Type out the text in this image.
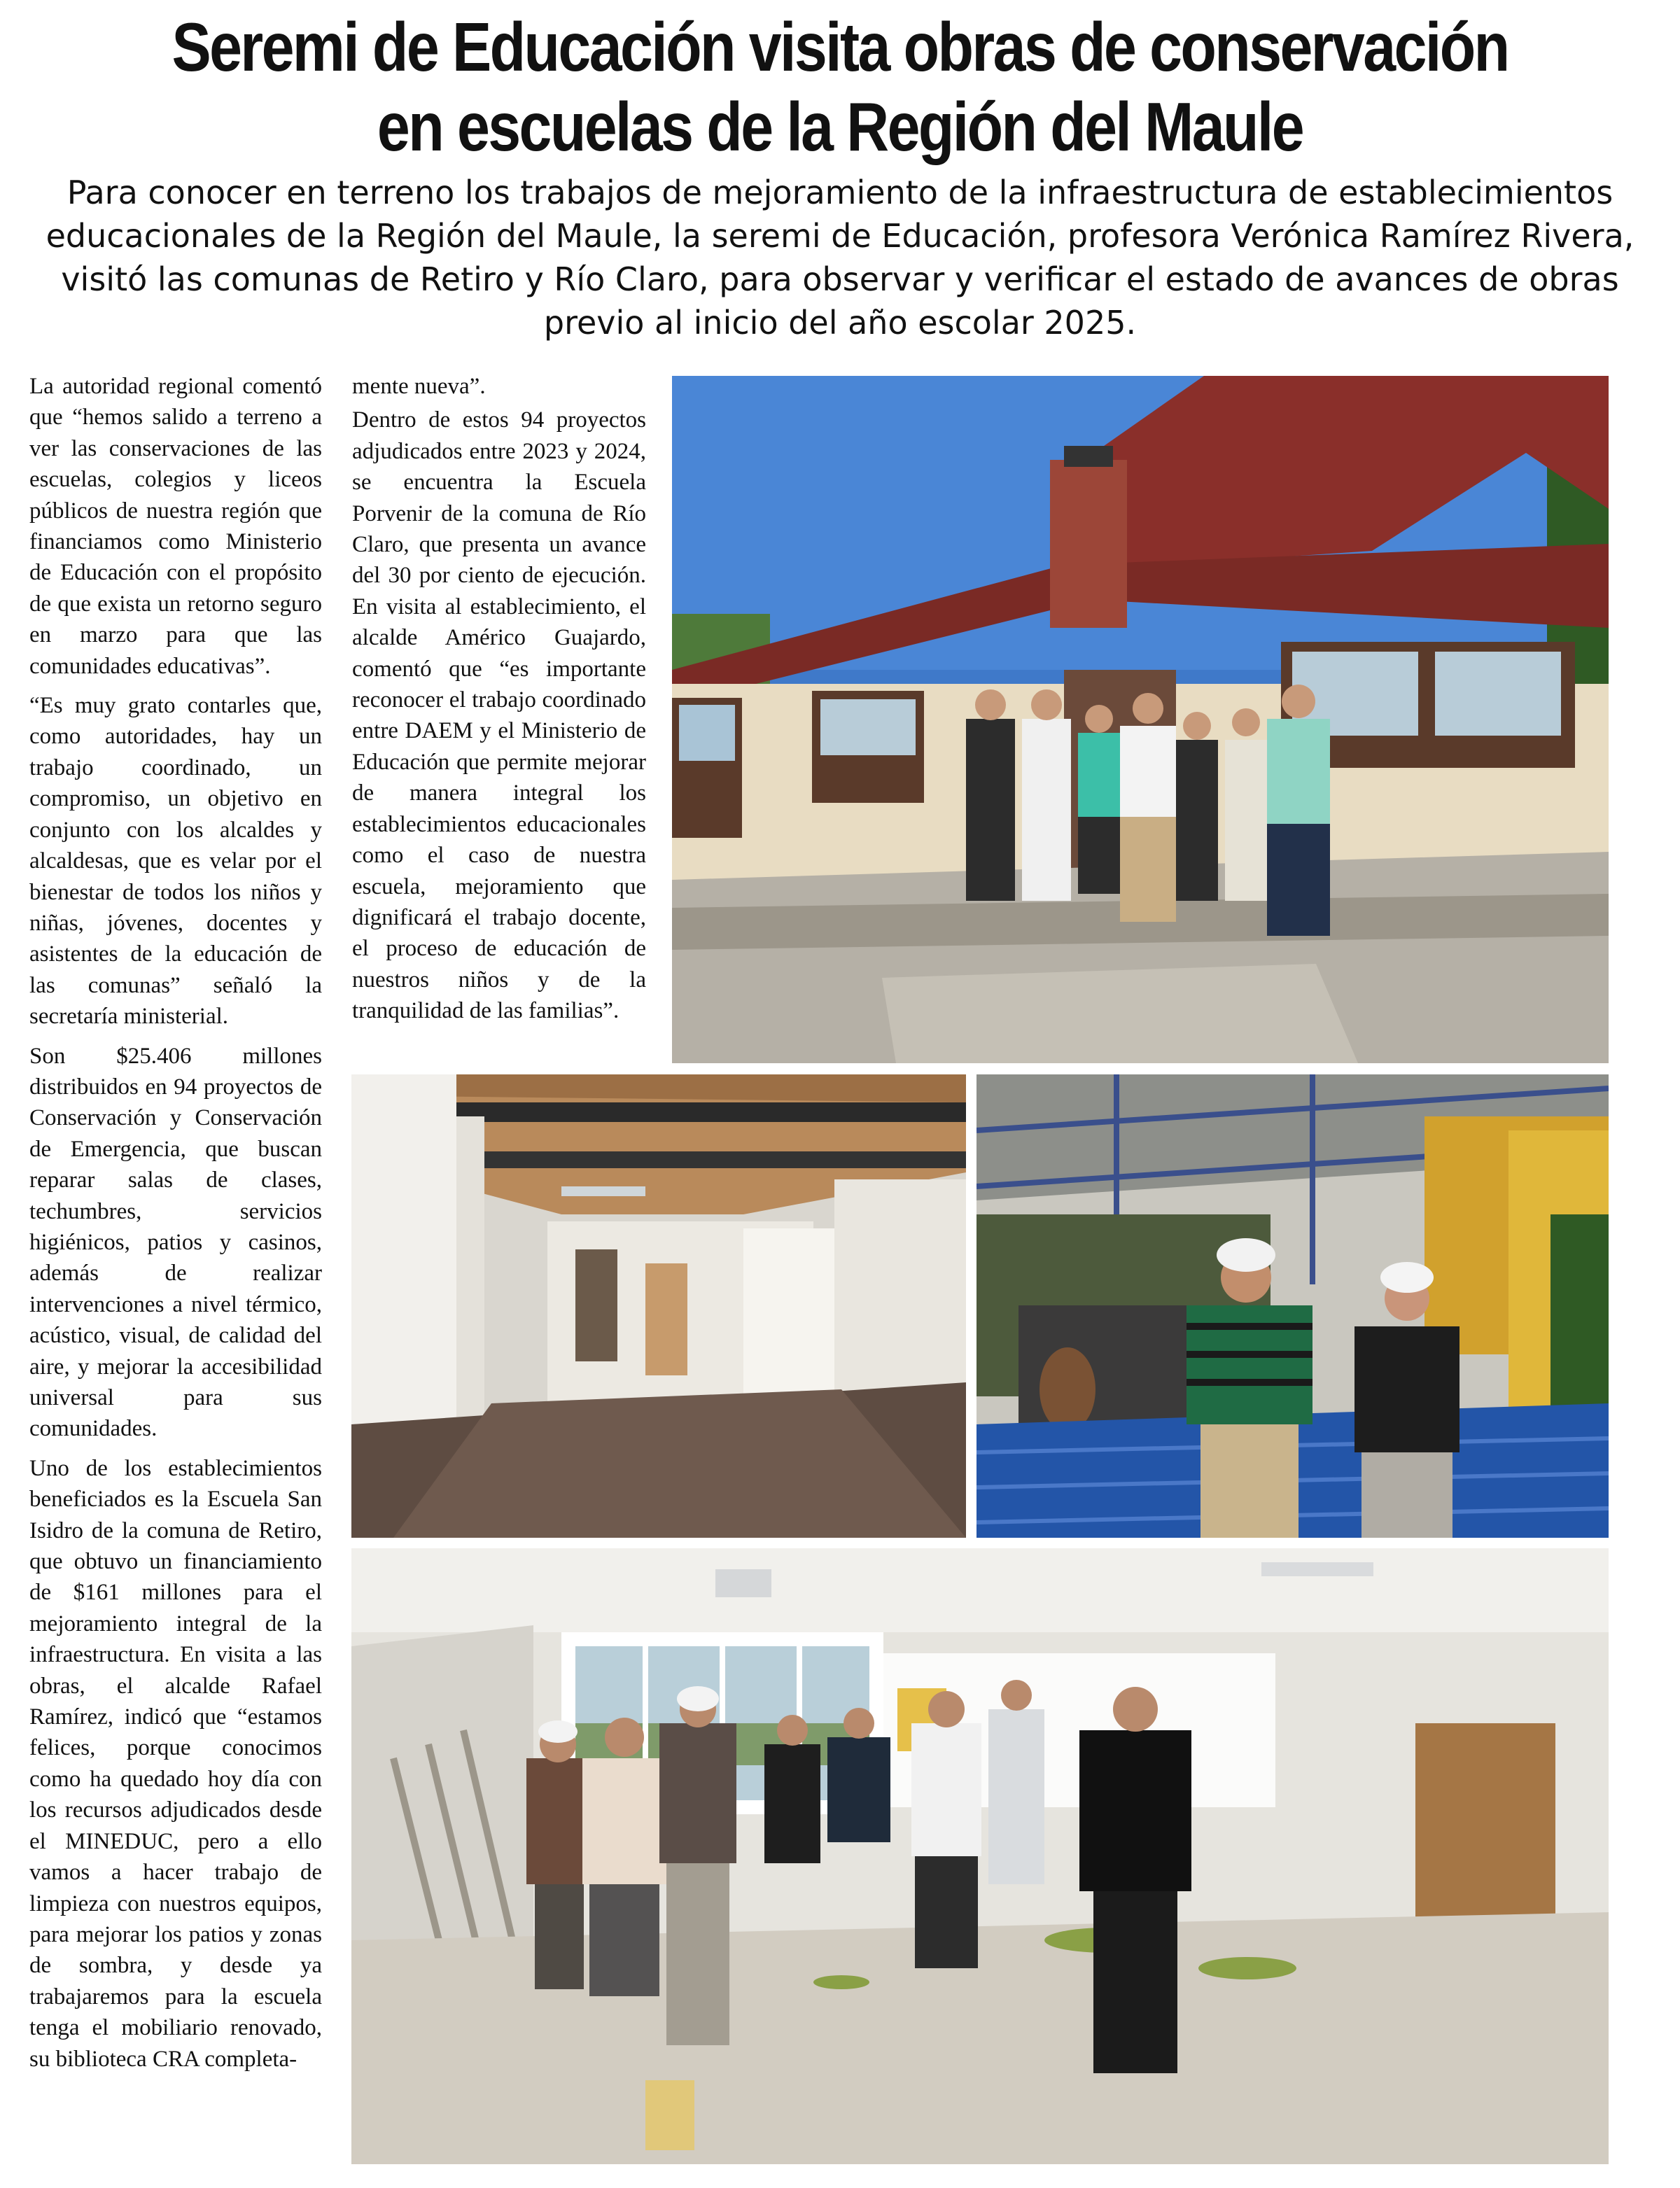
Seremi de Educación visita obras de conservación
en escuelas de la Región del Maule
Para conocer en terreno los trabajos de mejoramiento de la infraestructura de establecimientos
educacionales de la Región del Maule, la seremi de Educación, profesora Verónica Ramírez Rivera,
visitó las comunas de Retiro y Río Claro, para observar y verificar el estado de avances de obras
previo al inicio del año escolar 2025.

La autoridad regional comentó que “hemos salido a terreno a ver las conservaciones de las escuelas, colegios y liceos públicos de nuestra región que financiamos como Ministerio de Educación con el propósito de que exista un retorno seguro en marzo para que las comunidades educativas”.

“Es muy grato contarles que, como autoridades, hay un trabajo coordinado, un compromiso, un objetivo en conjunto con los alcaldes y alcaldesas, que es velar por el bienestar de todos los niños y niñas, jóvenes, docentes y asistentes de la educación de las comunas” señaló la secretaría ministerial.

Son $25.406 millones distribuidos en 94 proyectos de Conservación y Conservación de Emergencia, que buscan reparar salas de clases, techumbres, servicios higiénicos, patios y casinos, además de realizar intervenciones a nivel térmico, acústico, visual, de calidad del aire, y mejorar la accesibilidad universal para sus comunidades.

Uno de los establecimientos beneficiados es la Escuela San Isidro de la comuna de Retiro, que obtuvo un financiamiento de $161 millones para el mejoramiento integral de la infraestructura. En visita a las obras, el alcalde Rafael Ramírez, indicó que “estamos felices, porque conocimos como ha quedado hoy día con los recursos adjudicados desde el MINEDUC, pero a ello vamos a hacer trabajo de limpieza con nuestros equipos, para mejorar los patios y zonas de sombra, y desde ya trabajaremos para la escuela tenga el mobiliario renovado, su biblioteca CRA completa-

mente nueva”.

Dentro de estos 94 proyectos adjudicados entre 2023 y 2024, se encuentra la Escuela Porvenir de la comuna de Río Claro, que presenta un avance del 30 por ciento de ejecución. En visita al establecimiento, el alcalde Américo Guajardo, comentó que “es importante reconocer el trabajo coordinado entre DAEM y el Ministerio de Educación que permite mejorar de manera integral los establecimientos educacionales como el caso de nuestra escuela, mejoramiento que dignificará el trabajo docente, el proceso de educación de nuestros niños y de la tranquilidad de las familias”.
